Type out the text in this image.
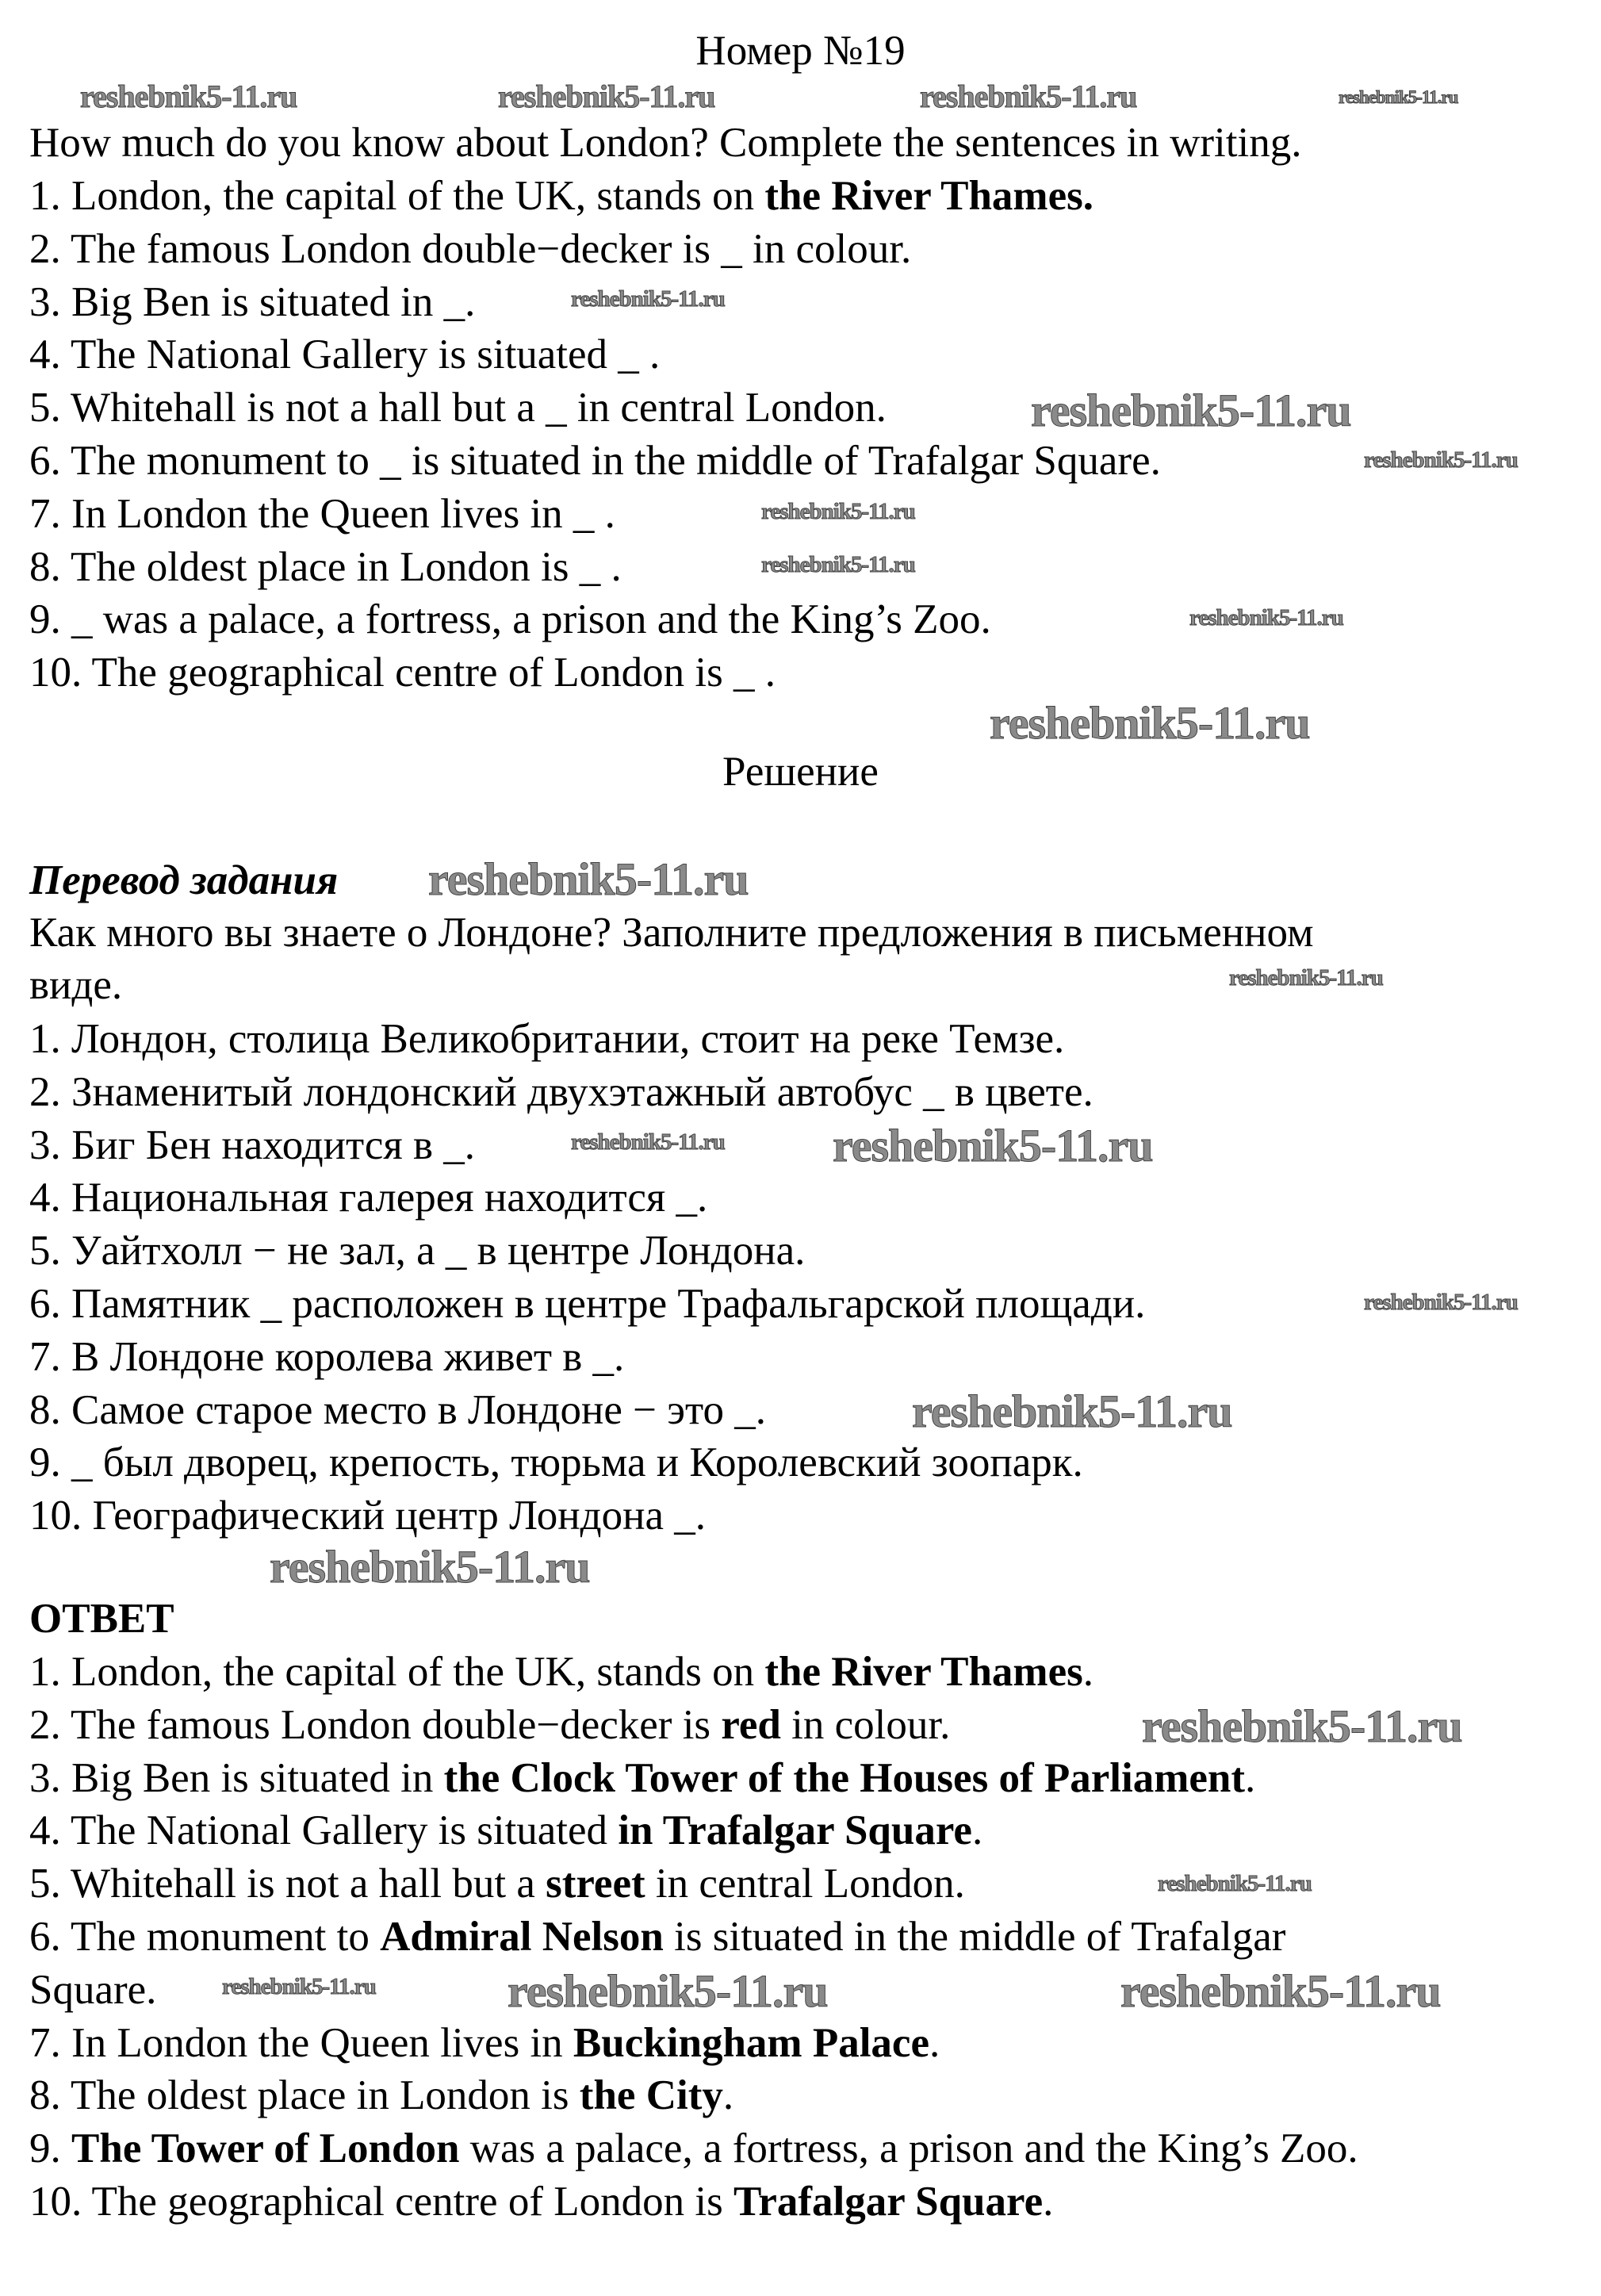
Номер №19
How much do you know about London? Complete the sentences in writing.
1. London, the capital of the UK, stands on the River Thames.
2. The famous London double−decker is _ in colour.
3. Big Ben is situated in _.
4. The National Gallery is situated _ .
5. Whitehall is not a hall but a _ in central London.
6. The monument to _ is situated in the middle of Trafalgar Square.
7. In London the Queen lives in _ .
8. The oldest place in London is _ .
9. _ was a palace, a fortress, a prison and the King’s Zoo.
10. The geographical centre of London is _ .
Решение
Перевод задания
Как много вы знаете о Лондоне? Заполните предложения в письменном
виде.
1. Лондон, столица Великобритании, стоит на реке Темзе.
2. Знаменитый лондонский двухэтажный автобус _ в цвете.
3. Биг Бен находится в _.
4. Национальная галерея находится _.
5. Уайтхолл − не зал, а _ в центре Лондона.
6. Памятник _ расположен в центре Трафальгарской площади.
7. В Лондоне королева живет в _.
8. Самое старое место в Лондоне − это _.
9. _ был дворец, крепость, тюрьма и Королевский зоопарк.
10. Географический центр Лондона _.
ОТВЕТ
1. London, the capital of the UK, stands on the River Thames.
2. The famous London double−decker is red in colour.
3. Big Ben is situated in the Clock Tower of the Houses of Parliament.
4. The National Gallery is situated in Trafalgar Square.
5. Whitehall is not a hall but a street in central London.
6. The monument to Admiral Nelson is situated in the middle of Trafalgar
Square.
7. In London the Queen lives in Buckingham Palace.
8. The oldest place in London is the City.
9. The Tower of London was a palace, a fortress, a prison and the King’s Zoo.
10. The geographical centre of London is Trafalgar Square.
reshebnik5-11.ru	reshebnik5-11.ru	reshebnik5-11.ru	reshebnik5-11.ru
reshebnik5-11.ru
reshebnik5-11.ru
reshebnik5-11.ru
reshebnik5-11.ru
reshebnik5-11.ru
reshebnik5-11.ru
reshebnik5-11.ru
reshebnik5-11.ru
reshebnik5-11.ru
reshebnik5-11.ru reshebnik5-11.ru
reshebnik5-11.ru
reshebnik5-11.ru
reshebnik5-11.ru
reshebnik5-11.ru
reshebnik5-11.ru
reshebnik5-11.ru	reshebnik5-11.ru	reshebnik5-11.ru
